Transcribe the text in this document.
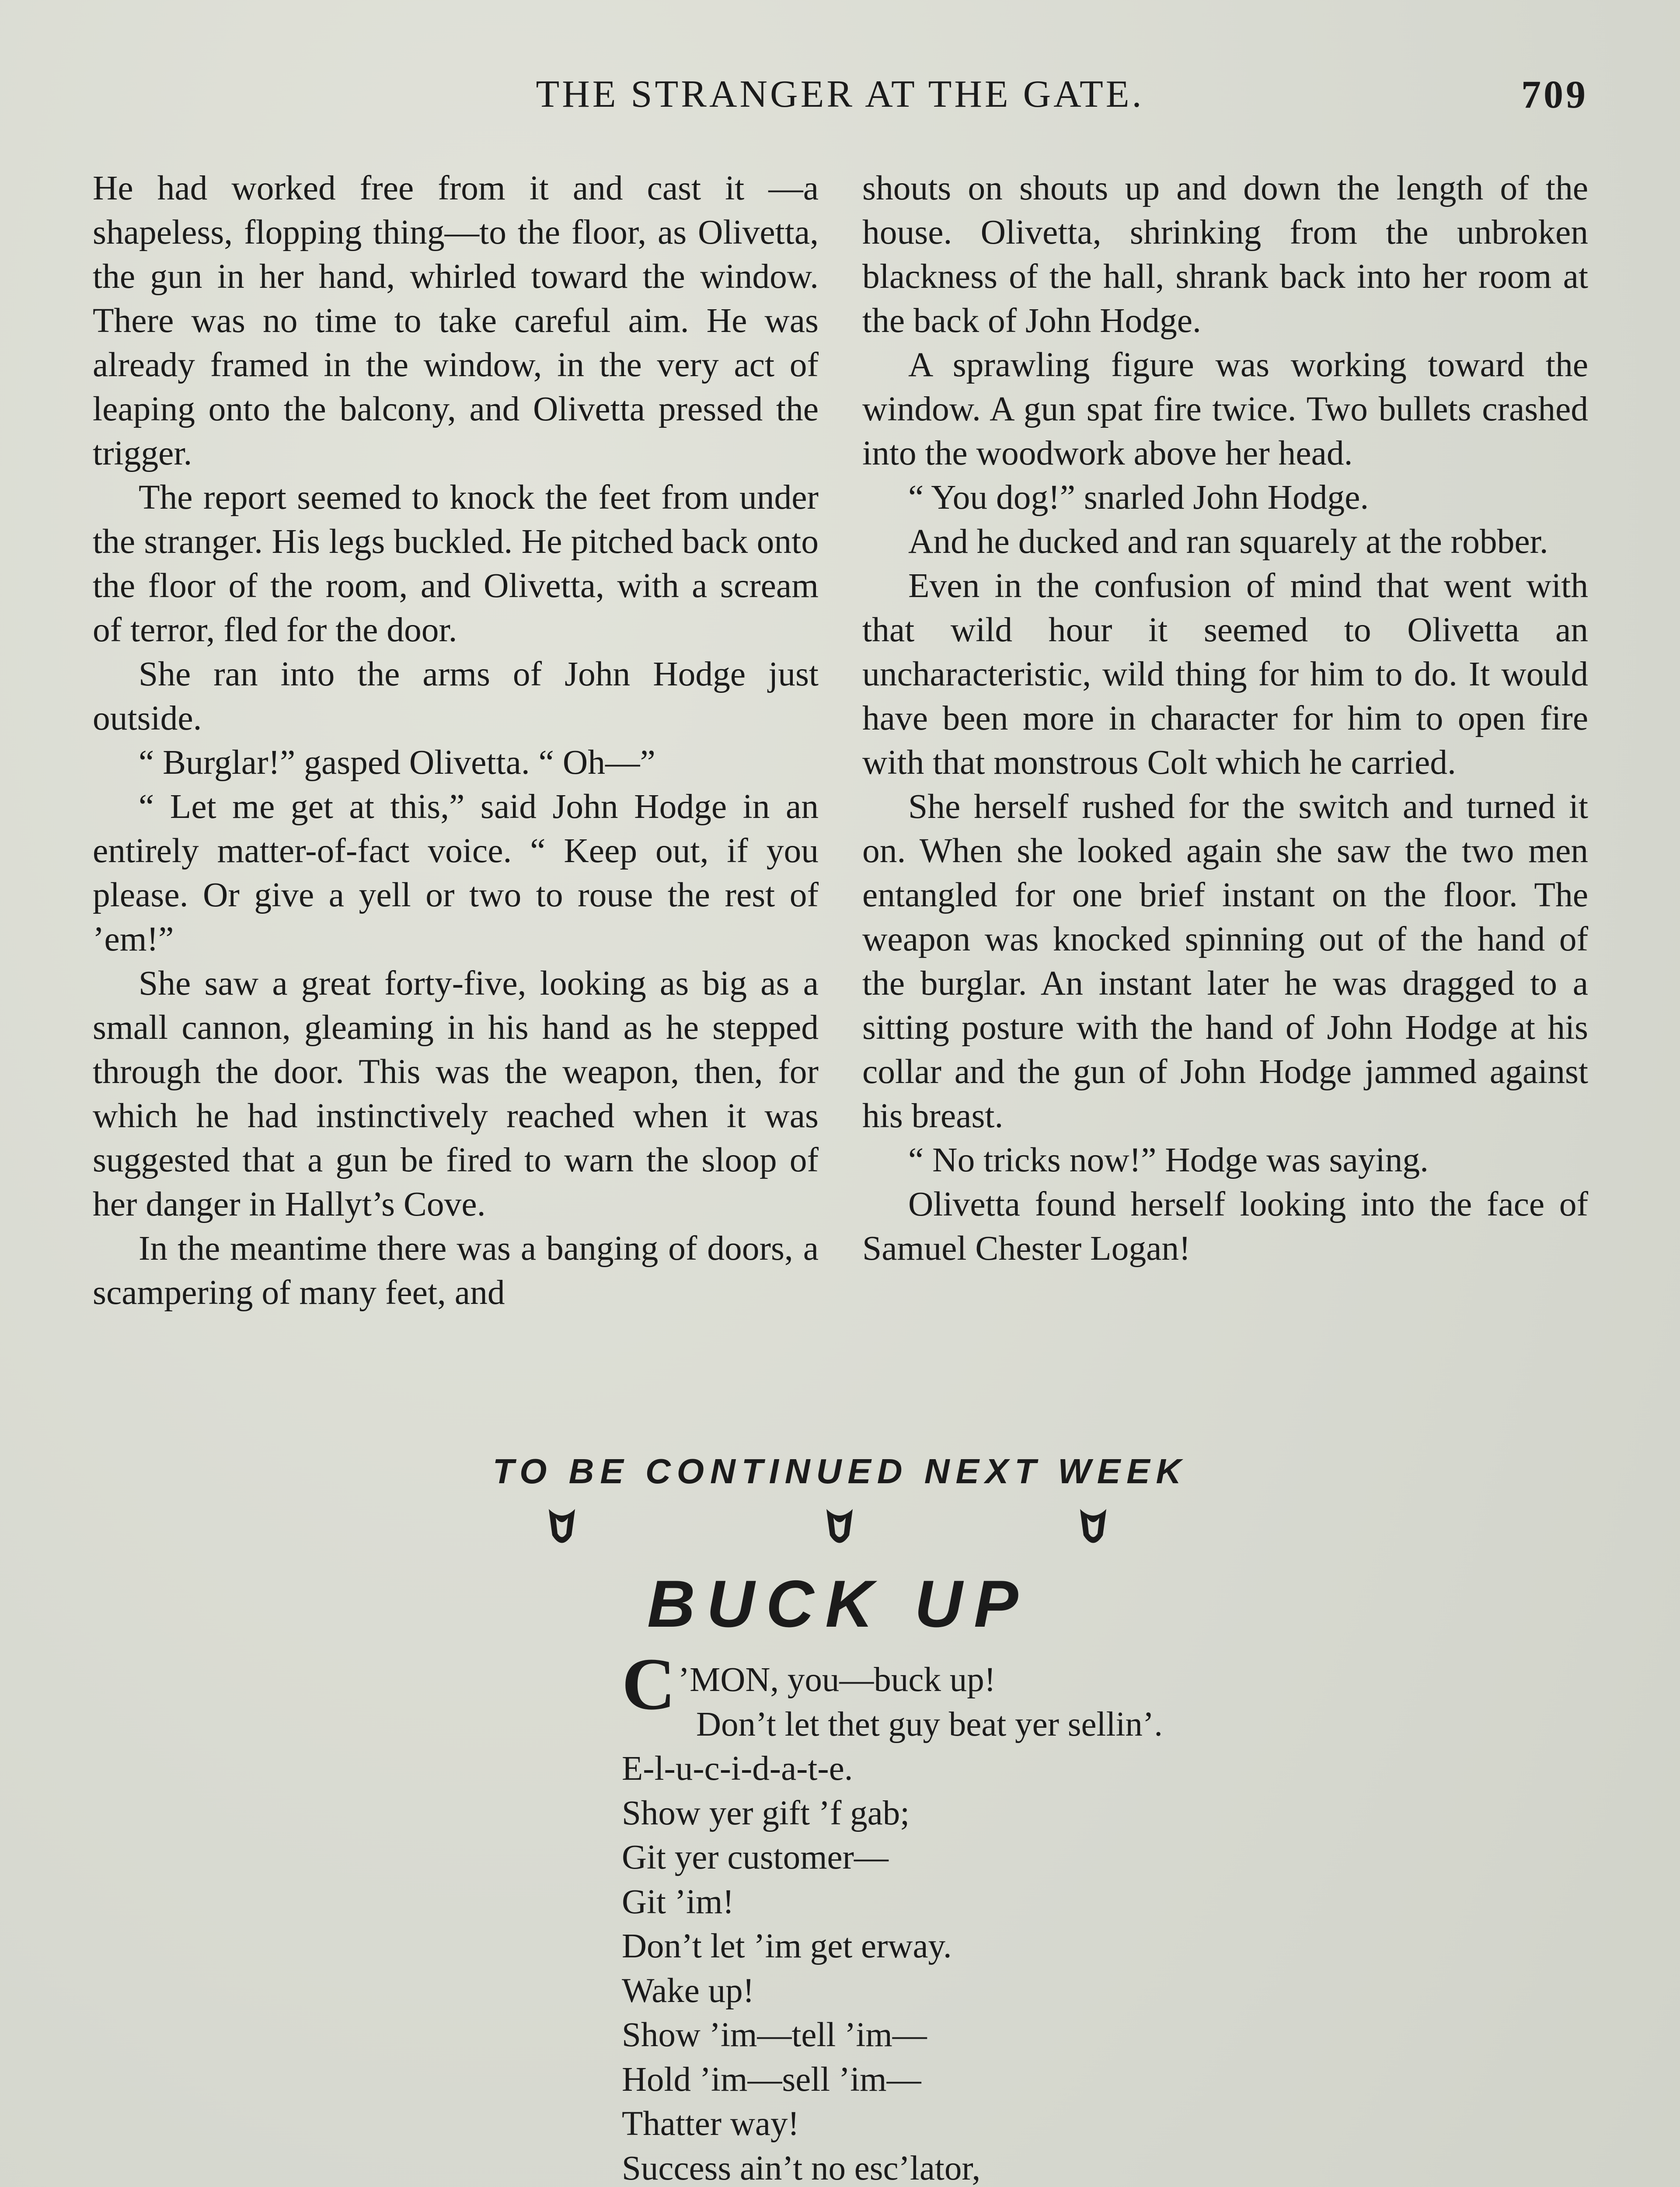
THE STRANGER AT THE GATE.	709

He had worked free from it and cast it —a shapeless, flopping thing—to the floor, as Olivetta, the gun in her hand, whirled toward the window. There was no time to take careful aim. He was already framed in the window, in the very act of leaping onto the balcony, and Olivetta pressed the trigger.

The report seemed to knock the feet from under the stranger. His legs buckled. He pitched back onto the floor of the room, and Olivetta, with a scream of terror, fled for the door.

She ran into the arms of John Hodge just outside.

“ Burglar!” gasped Olivetta. “ Oh—”

“ Let me get at this,” said John Hodge in an entirely matter-of-fact voice. “ Keep out, if you please. Or give a yell or two to rouse the rest of ’em!”

She saw a great forty-five, looking as big as a small cannon, gleaming in his hand as he stepped through the door. This was the weapon, then, for which he had instinctively reached when it was suggested that a gun be fired to warn the sloop of her danger in Hallyt’s Cove.

In the meantime there was a banging of doors, a scampering of many feet, and

shouts on shouts up and down the length of the house. Olivetta, shrinking from the unbroken blackness of the hall, shrank back into her room at the back of John Hodge.

A sprawling figure was working toward the window. A gun spat fire twice. Two bullets crashed into the woodwork above her head.

“ You dog!” snarled John Hodge.

And he ducked and ran squarely at the robber.

Even in the confusion of mind that went with that wild hour it seemed to Olivetta an uncharacteristic, wild thing for him to do. It would have been more in character for him to open fire with that monstrous Colt which he carried.

She herself rushed for the switch and turned it on. When she looked again she saw the two men entangled for one brief instant on the floor. The weapon was knocked spinning out of the hand of the burglar. An instant later he was dragged to a sitting posture with the hand of John Hodge at his collar and the gun of John Hodge jammed against his breast.

“ No tricks now!” Hodge was saying.

Olivetta found herself looking into the face of Samuel Chester Logan!

TO BE CONTINUED NEXT WEEK
BUCK UP
C ’MON, you—buck up!
Don’t let thet guy beat yer sellin’.
E-l-u-c-i-d-a-t-e.
Show yer gift ’f gab;
Git yer customer—
Git ’im!
Don’t let ’im get erway.
Wake up!
Show ’im—tell ’im—
Hold ’im—sell ’im—
Thatter way!
Success ain’t no esc’lator,
